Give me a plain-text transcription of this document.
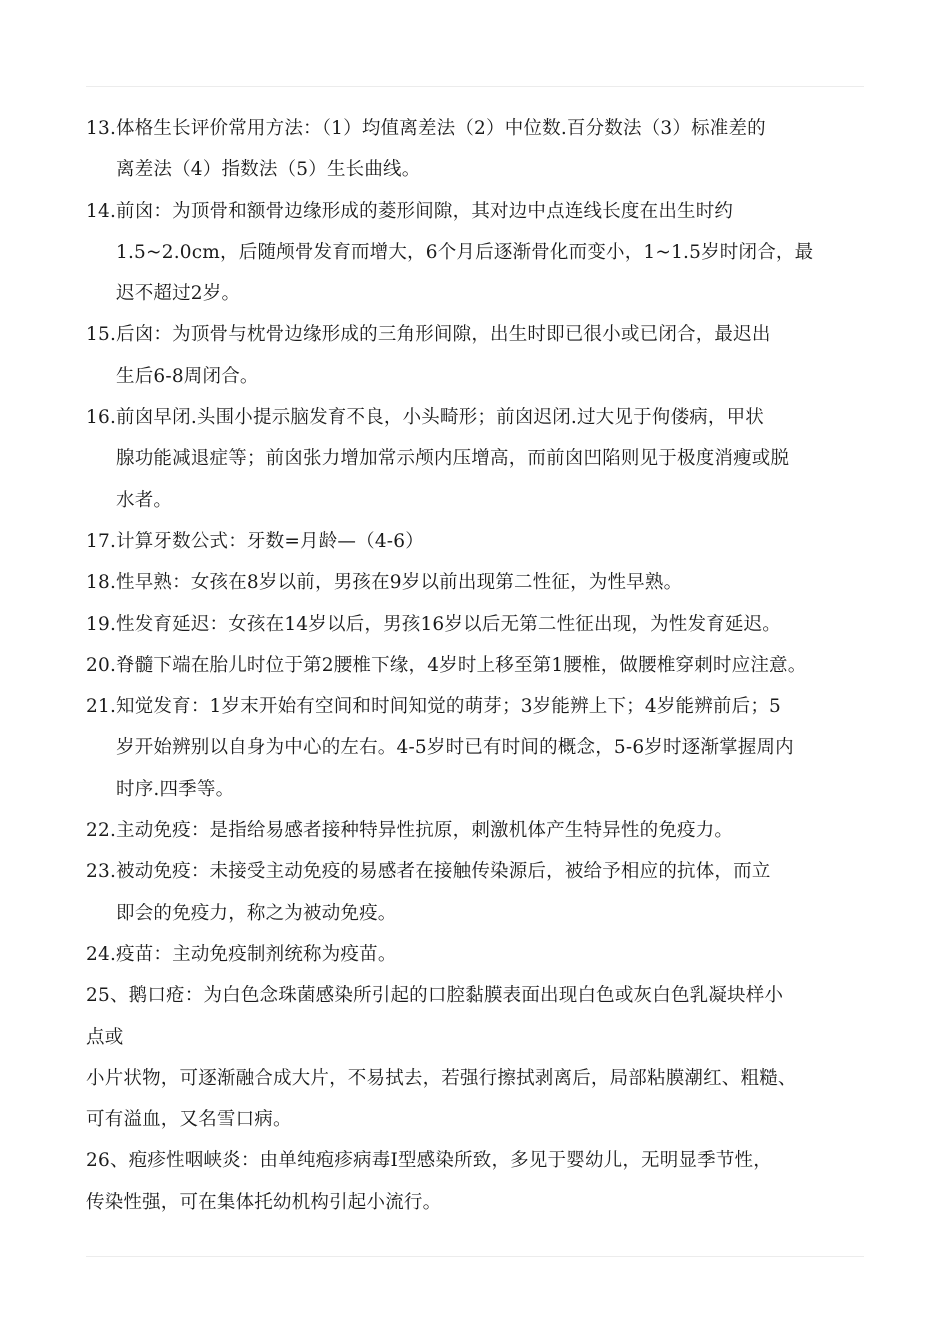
13.体格生长评价常用方法：（1）均值离差法（2）中位数.百分数法（3）标准差的
离差法（4）指数法（5）生长曲线。
14.前囟：为顶骨和额骨边缘形成的菱形间隙，其对边中点连线长度在出生时约
1.5~2.0cm，后随颅骨发育而增大，6个月后逐渐骨化而变小，1~1.5岁时闭合，最
迟不超过2岁。
15.后囟：为顶骨与枕骨边缘形成的三角形间隙，出生时即已很小或已闭合，最迟出
生后6-8周闭合。
16.前囟早闭.头围小提示脑发育不良，小头畸形；前囟迟闭.过大见于佝偻病，甲状
腺功能减退症等；前囟张力增加常示颅内压增高，而前囟凹陷则见于极度消瘦或脱
水者。
17.计算牙数公式：牙数=月龄—（4-6）
18.性早熟：女孩在8岁以前，男孩在9岁以前出现第二性征，为性早熟。
19.性发育延迟：女孩在14岁以后，男孩16岁以后无第二性征出现，为性发育延迟。
20.脊髓下端在胎儿时位于第2腰椎下缘，4岁时上移至第1腰椎，做腰椎穿刺时应注意。
21.知觉发育：1岁末开始有空间和时间知觉的萌芽；3岁能辨上下；4岁能辨前后；5
岁开始辨别以自身为中心的左右。4-5岁时已有时间的概念，5-6岁时逐渐掌握周内
时序.四季等。
22.主动免疫：是指给易感者接种特异性抗原，刺激机体产生特异性的免疫力。
23.被动免疫：未接受主动免疫的易感者在接触传染源后，被给予相应的抗体，而立
即会的免疫力，称之为被动免疫。
24.疫苗：主动免疫制剂统称为疫苗。
25、鹅口疮：为白色念珠菌感染所引起的口腔黏膜表面出现白色或灰白色乳凝块样小
点或
小片状物，可逐渐融合成大片，不易拭去，若强行擦拭剥离后，局部粘膜潮红、粗糙、
可有溢血，又名雪口病。
26、疱疹性咽峡炎：由单纯疱疹病毒Ⅰ型感染所致，多见于婴幼儿，无明显季节性，
传染性强，可在集体托幼机构引起小流行。
